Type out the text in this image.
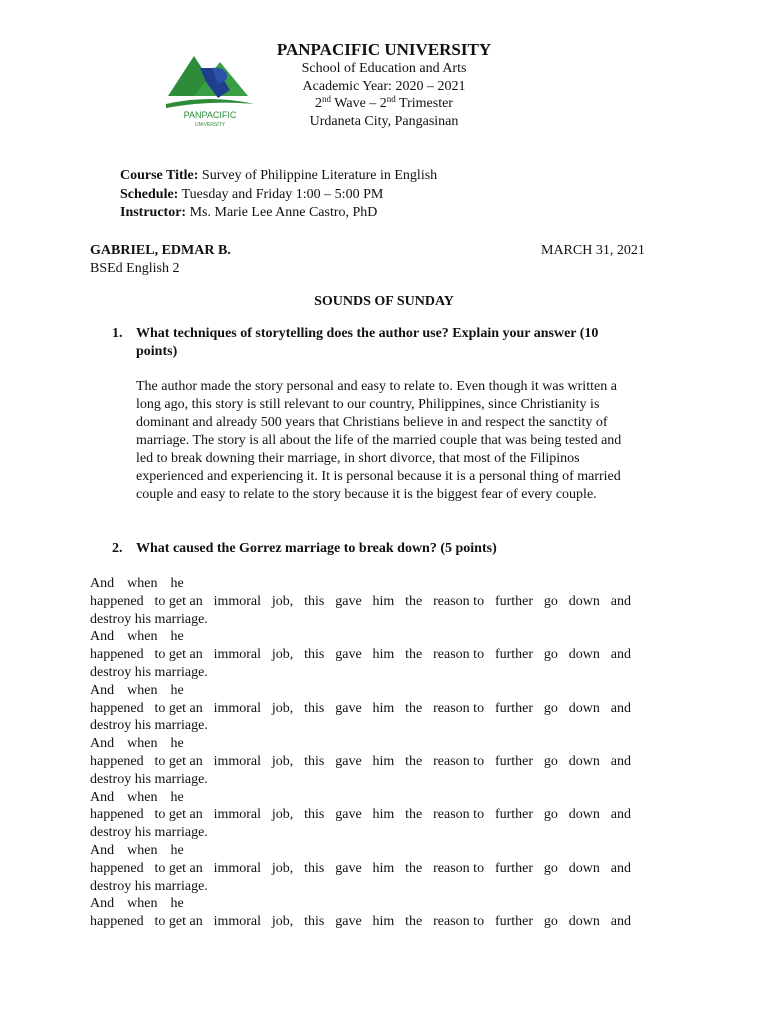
PANPACIFIC
UNIVERSITY
PANPACIFIC UNIVERSITY
School of Education and Arts
Academic Year: 2020 – 2021
2nd Wave – 2nd Trimester
Urdaneta City, Pangasinan
Course Title: Survey of Philippine Literature in English
Schedule: Tuesday and Friday 1:00 – 5:00 PM
Instructor: Ms. Marie Lee Anne Castro, PhD
GABRIEL, EDMAR B.
BSEd English 2
MARCH 31, 2021
SOUNDS OF SUNDAY
1. What techniques of storytelling does the author use? Explain your answer (10 points)
The author made the story personal and easy to relate to. Even though it was written a
long ago, this story is still relevant to our country, Philippines, since Christianity is
dominant and already 500 years that Christians believe in and respect the sanctity of
marriage. The story is all about the life of the married couple that was being tested and
led to break downing their marriage, in short divorce, that most of the Filipinos
experienced and experiencing it. It is personal because it is a personal thing of married
couple and easy to relate to the story because it is the biggest fear of every couple.
2. What caused the Gorrez marriage to break down? (5 points)
And when he
happened to get an immoral job, this gave him the reason to further go down and
destroy his marriage.
And when he
happened to get an immoral job, this gave him the reason to further go down and
destroy his marriage.
And when he
happened to get an immoral job, this gave him the reason to further go down and
destroy his marriage.
And when he
happened to get an immoral job, this gave him the reason to further go down and
destroy his marriage.
And when he
happened to get an immoral job, this gave him the reason to further go down and
destroy his marriage.
And when he
happened to get an immoral job, this gave him the reason to further go down and
destroy his marriage.
And when he
happened to get an immoral job, this gave him the reason to further go down and
